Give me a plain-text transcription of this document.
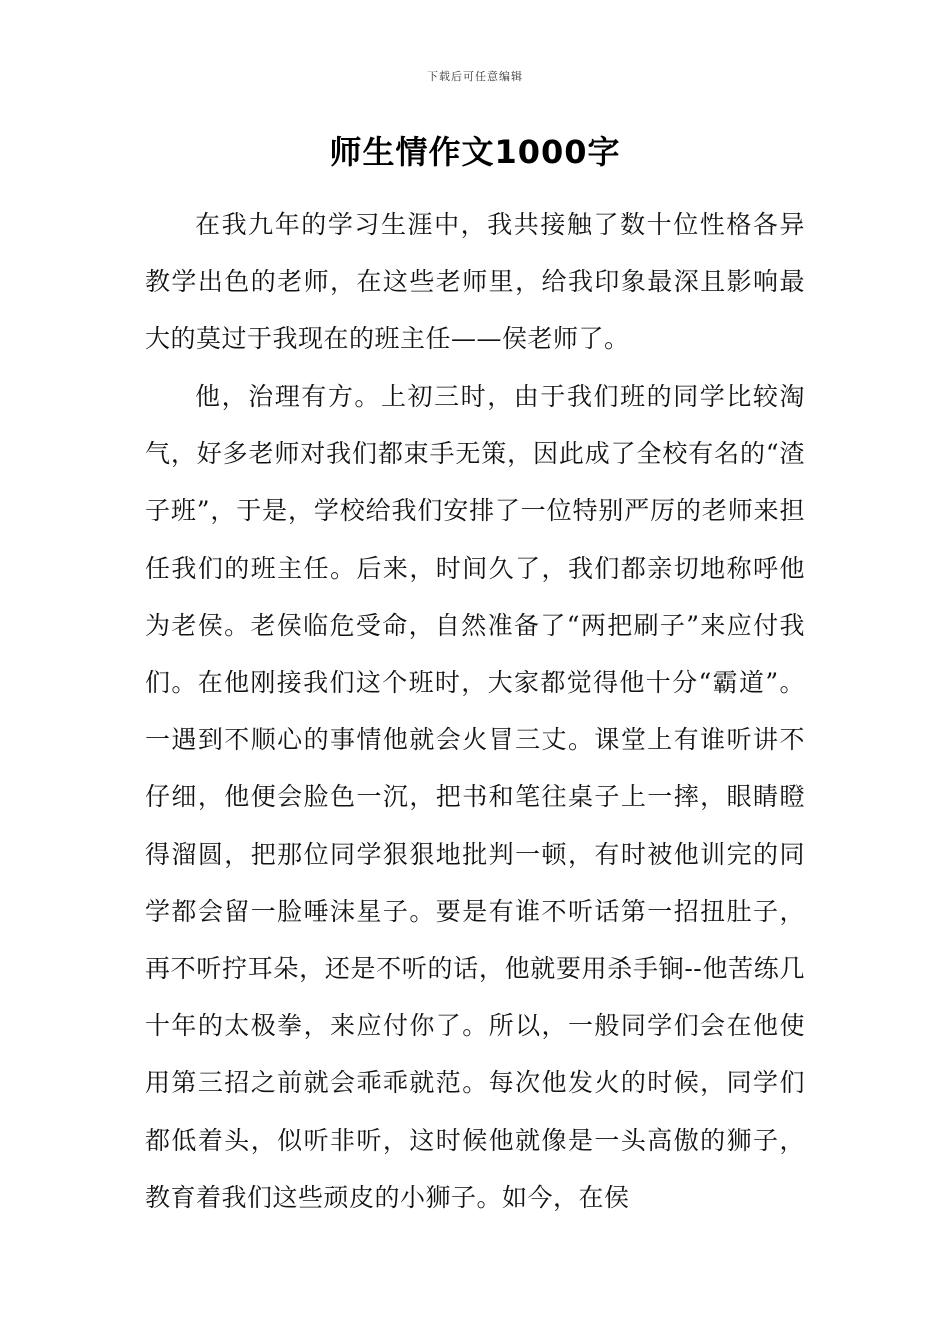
下载后可任意编辑
师生情作文1000字

在我九年的学习生涯中，我共接触了数十位性格各异教学出色的老师，在这些老师里，给我印象最深且影响最大的莫过于我现在的班主任——侯老师了。

他，治理有方。上初三时，由于我们班的同学比较淘气，好多老师对我们都束手无策，因此成了全校有名的“渣子班”，于是，学校给我们安排了一位特别严厉的老师来担任我们的班主任。后来，时间久了，我们都亲切地称呼他为老侯。老侯临危受命，自然准备了“两把刷子”来应付我们。在他刚接我们这个班时，大家都觉得他十分“霸道”。一遇到不顺心的事情他就会火冒三丈。课堂上有谁听讲不仔细，他便会脸色一沉，把书和笔往桌子上一摔，眼睛瞪得溜圆，把那位同学狠狠地批判一顿，有时被他训完的同学都会留一脸唾沫星子。要是有谁不听话第一招扭肚子，再不听拧耳朵，还是不听的话，他就要用杀手锏--他苦练几十年的太极拳，来应付你了。所以，一般同学们会在他使用第三招之前就会乖乖就范。每次他发火的时候，同学们都低着头，似听非听，这时候他就像是一头高傲的狮子，教育着我们这些顽皮的小狮子。如今，在侯
